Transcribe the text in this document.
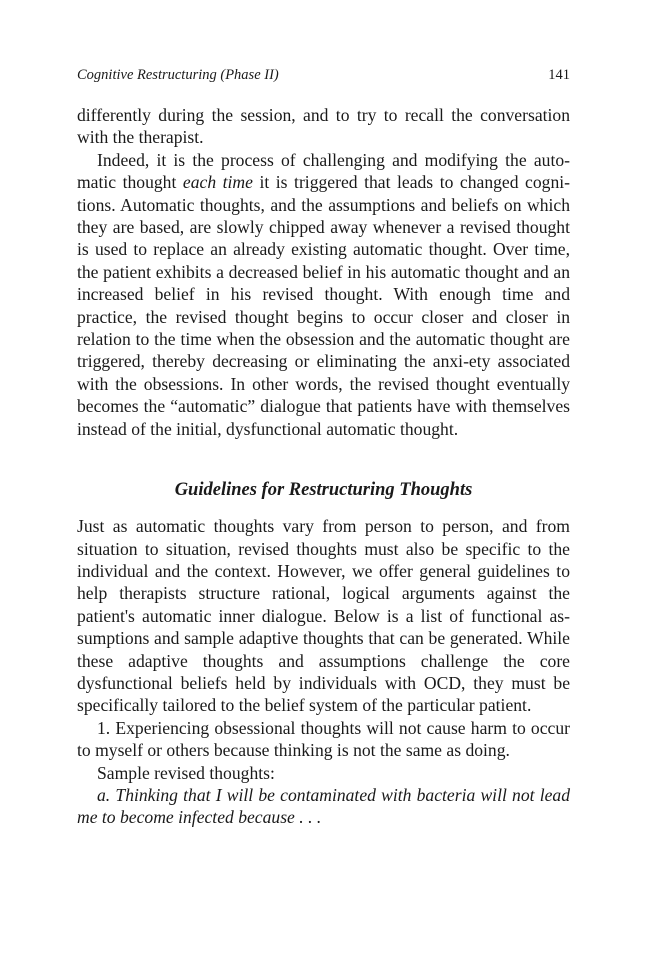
Cognitive Restructuring (Phase II)	141

differently during the session, and to try to recall the conversation with the therapist.

Indeed, it is the process of challenging and modifying the auto-matic thought each time it is triggered that leads to changed cogni-tions. Automatic thoughts, and the assumptions and beliefs on which they are based, are slowly chipped away whenever a revised thought is used to replace an already existing automatic thought. Over time, the patient exhibits a decreased belief in his automatic thought and an increased belief in his revised thought. With enough time and practice, the revised thought begins to occur closer and closer in relation to the time when the obsession and the automatic thought are triggered, thereby decreasing or eliminating the anxi-ety associated with the obsessions. In other words, the revised thought eventually becomes the “automatic” dialogue that patients have with themselves instead of the initial, dysfunctional automatic thought.

Guidelines for Restructuring Thoughts

Just as automatic thoughts vary from person to person, and from situation to situation, revised thoughts must also be specific to the individual and the context. However, we offer general guidelines to help therapists structure rational, logical arguments against the patient's automatic inner dialogue. Below is a list of functional as-sumptions and sample adaptive thoughts that can be generated. While these adaptive thoughts and assumptions challenge the core dysfunctional beliefs held by individuals with OCD, they must be specifically tailored to the belief system of the particular patient.

1. Experiencing obsessional thoughts will not cause harm to occur to myself or others because thinking is not the same as doing.

Sample revised thoughts:

a. Thinking that I will be contaminated with bacteria will not lead me to become infected because . . .
